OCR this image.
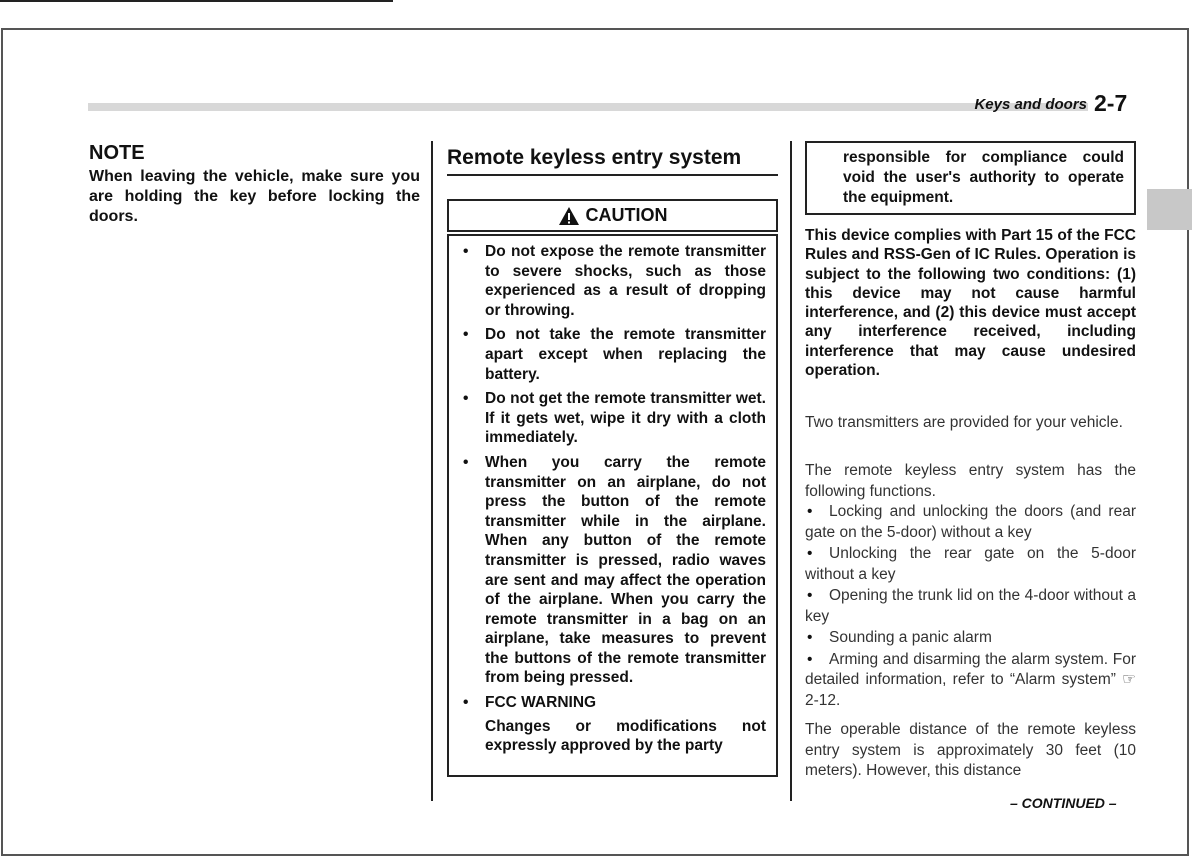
Keys and doors 2-7
NOTE
When leaving the vehicle, make sure you are holding the key before locking the doors.
Remote keyless entry system
CAUTION
• Do not expose the remote transmitter to severe shocks, such as those experienced as a result of dropping or throwing.
• Do not take the remote transmitter apart except when replacing the battery.
• Do not get the remote transmitter wet. If it gets wet, wipe it dry with a cloth immediately.
• When you carry the remote transmitter on an airplane, do not press the button of the remote transmitter while in the airplane. When any button of the remote transmitter is pressed, radio waves are sent and may affect the operation of the airplane. When you carry the remote transmitter in a bag on an airplane, take measures to prevent the buttons of the remote transmitter from being pressed.
• FCC WARNING
Changes or modifications not expressly approved by the party
responsible for compliance could void the user's authority to operate the equipment.
This device complies with Part 15 of the FCC Rules and RSS-Gen of IC Rules. Operation is subject to the following two conditions: (1) this device may not cause harmful interference, and (2) this device must accept any interference received, including interference that may cause undesired operation.
Two transmitters are provided for your vehicle.
The remote keyless entry system has the following functions.
• Locking and unlocking the doors (and rear gate on the 5-door) without a key
• Unlocking the rear gate on the 5-door without a key
• Opening the trunk lid on the 4-door without a key
• Sounding a panic alarm
• Arming and disarming the alarm system. For detailed information, refer to “Alarm system” ☞2-12.
The operable distance of the remote keyless entry system is approximately 30 feet (10 meters). However, this distance
– CONTINUED –
